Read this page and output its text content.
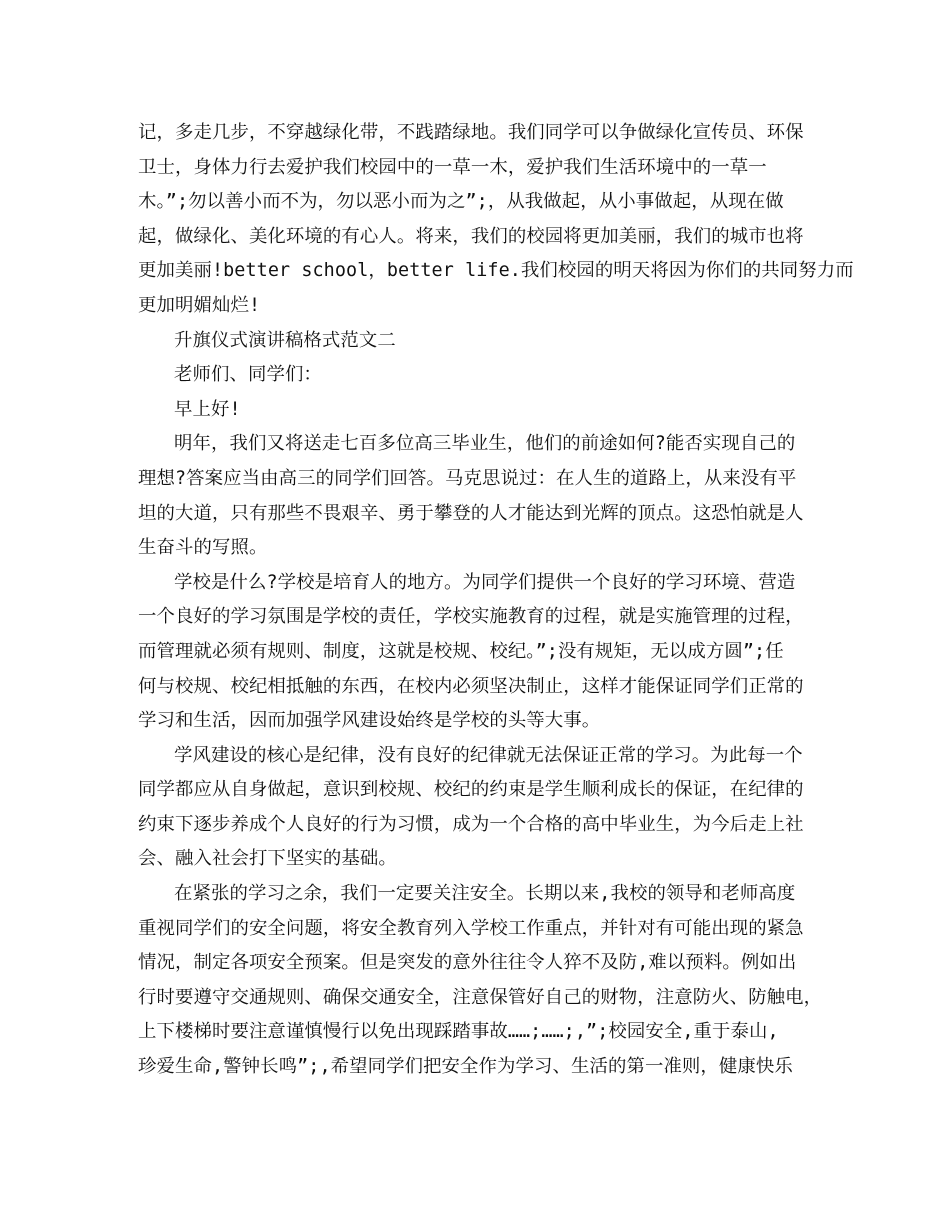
记，多走几步，不穿越绿化带，不践踏绿地。我们同学可以争做绿化宣传员、环保
卫士，身体力行去爱护我们校园中的一草一木，爱护我们生活环境中的一草一
木。”;勿以善小而不为，勿以恶小而为之”;，从我做起，从小事做起，从现在做
起，做绿化、美化环境的有心人。将来，我们的校园将更加美丽，我们的城市也将
更加美丽!better school，better life.我们校园的明天将因为你们的共同努力而
更加明媚灿烂!
升旗仪式演讲稿格式范文二
老师们、同学们：
早上好!
明年，我们又将送走七百多位高三毕业生，他们的前途如何?能否实现自己的
理想?答案应当由高三的同学们回答。马克思说过：在人生的道路上，从来没有平
坦的大道，只有那些不畏艰辛、勇于攀登的人才能达到光辉的顶点。这恐怕就是人
生奋斗的写照。
学校是什么?学校是培育人的地方。为同学们提供一个良好的学习环境、营造
一个良好的学习氛围是学校的责任，学校实施教育的过程，就是实施管理的过程，
而管理就必须有规则、制度，这就是校规、校纪。”;没有规矩，无以成方圆”;任
何与校规、校纪相抵触的东西，在校内必须坚决制止，这样才能保证同学们正常的
学习和生活，因而加强学风建设始终是学校的头等大事。
学风建设的核心是纪律，没有良好的纪律就无法保证正常的学习。为此每一个
同学都应从自身做起，意识到校规、校纪的约束是学生顺利成长的保证，在纪律的
约束下逐步养成个人良好的行为习惯，成为一个合格的高中毕业生，为今后走上社
会、融入社会打下坚实的基础。
在紧张的学习之余，我们一定要关注安全。长期以来,我校的领导和老师高度
重视同学们的安全问题，将安全教育列入学校工作重点，并针对有可能出现的紧急
情况，制定各项安全预案。但是突发的意外往往令人猝不及防,难以预料。例如出
行时要遵守交通规则、确保交通安全，注意保管好自己的财物，注意防火、防触电，
上下楼梯时要注意谨慎慢行以免出现踩踏事故……;……;,”;校园安全,重于泰山,
珍爱生命,警钟长鸣”;,希望同学们把安全作为学习、生活的第一准则，健康快乐
